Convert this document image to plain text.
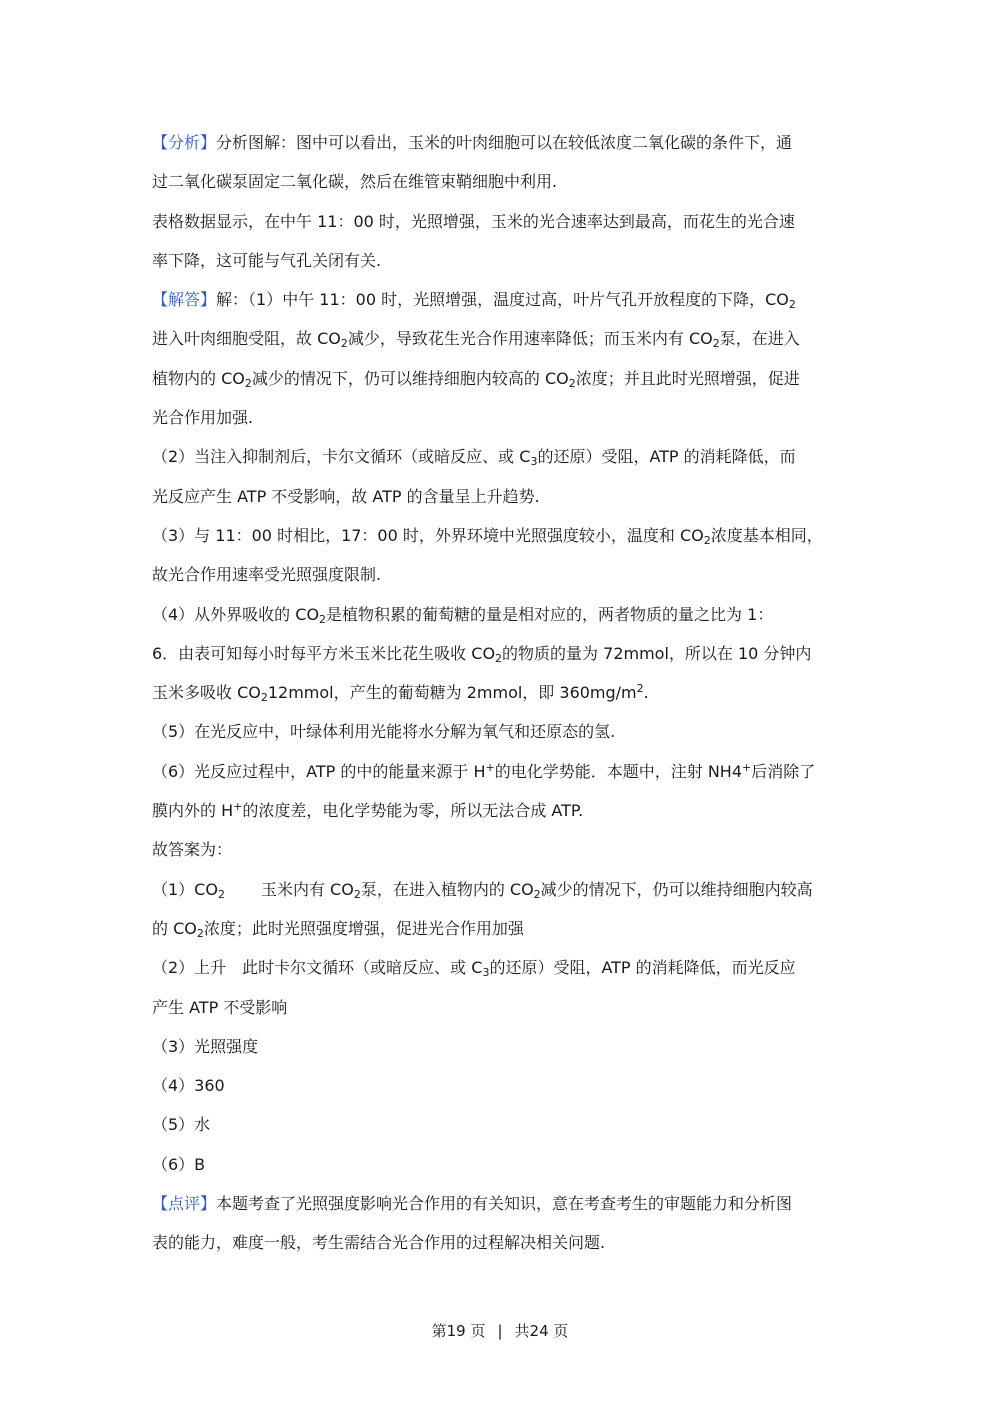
【分析】分析图解：图中可以看出，玉米的叶肉细胞可以在较低浓度二氧化碳的条件下，通
过二氧化碳泵固定二氧化碳，然后在维管束鞘细胞中利用.
表格数据显示，在中午 11：00 时，光照增强，玉米的光合速率达到最高，而花生的光合速
率下降，这可能与气孔关闭有关.
【解答】解：（1）中午 11：00 时，光照增强，温度过高，叶片气孔开放程度的下降，$CO_2$
进入叶肉细胞受阻，故 $CO_2$减少，导致花生光合作用速率降低；而玉米内有 $CO_2$泵，在进入
植物内的 $CO_2$减少的情况下，仍可以维持细胞内较高的 $CO_2$浓度；并且此时光照增强，促进
光合作用加强.
（2）当注入抑制剂后，卡尔文循环（或暗反应、或 $C_3$的还原）受阻，ATP 的消耗降低，而
光反应产生 ATP 不受影响，故 ATP 的含量呈上升趋势.
（3）与 11：00 时相比，17：00 时，外界环境中光照强度较小，温度和 $CO_2$浓度基本相同，
故光合作用速率受光照强度限制.
（4）从外界吸收的 $CO_2$是植物积累的葡萄糖的量是相对应的，两者物质的量之比为 1：
6．由表可知每小时每平方米玉米比花生吸收 $CO_2$的物质的量为 72mmol，所以在 10 分钟内
玉米多吸收 $CO_212mmol$，产生的葡萄糖为 2mmol，即 $360mg/m^2$.
（5）在光反应中，叶绿体利用光能将水分解为氧气和还原态的氢.
（6）光反应过程中，ATP 的中的能量来源于 H+的电化学势能．本题中，注射 NH4+后消除了
膜内外的 H+的浓度差，电化学势能为零，所以无法合成 ATP.
故答案为：
$(1)CO_2$ 玉米内有 $CO_2$泵，在进入植物内的 $CO_2$减少的情况下，仍可以维持细胞内较高
的 $CO_2$浓度；此时光照强度增强，促进光合作用加强
（2）上升　此时卡尔文循环（或暗反应、或 $C_3$的还原）受阻，ATP 的消耗降低，而光反应
产生 ATP 不受影响
（3）光照强度
（4）360
（5）水
（6）B
【点评】本题考查了光照强度影响光合作用的有关知识，意在考查考生的审题能力和分析图
表的能力，难度一般，考生需结合光合作用的过程解决相关问题.
第19 页 | 共24 页
